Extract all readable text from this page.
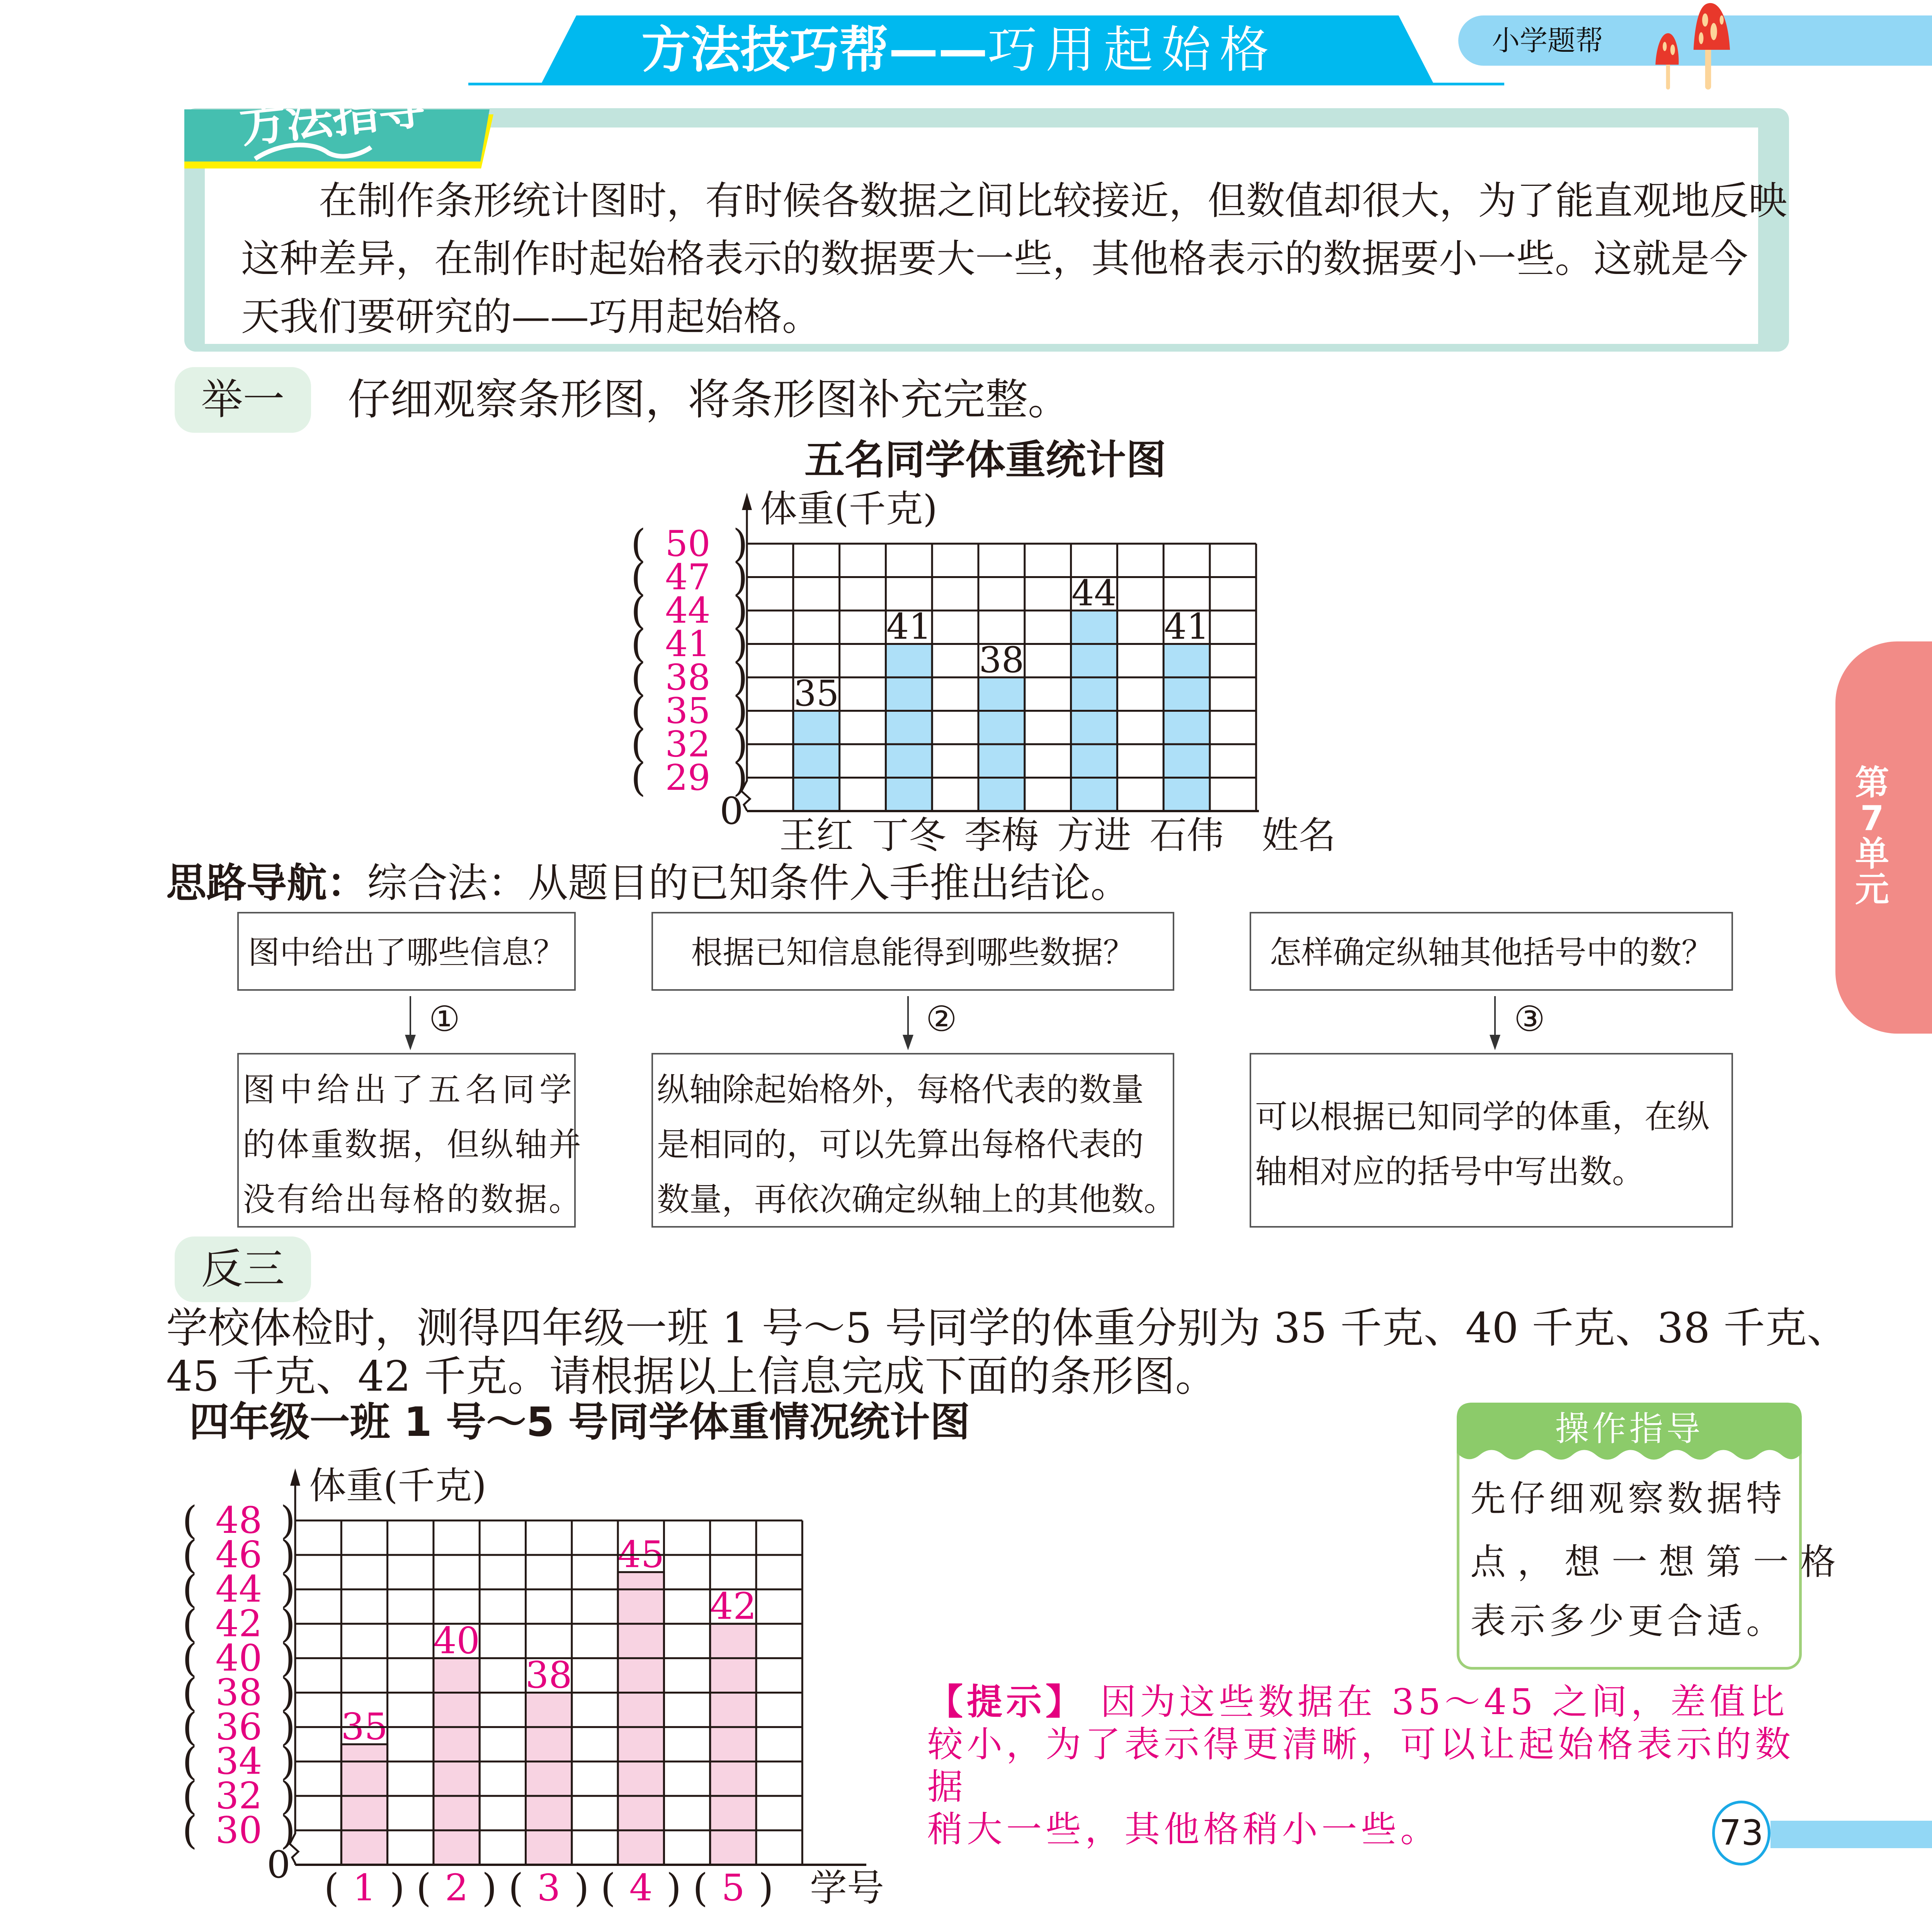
小学题帮
方法技巧帮——巧用起始格
方法指导
在制作条形统计图时，有时候各数据之间比较接近，但数值却很大，为了能直观地反映
这种差异，在制作时起始格表示的数据要大一些，其他格表示的数据要小一些。这就是今
天我们要研究的——巧用起始格。
举一	仔细观察条形图，将条形图补充完整。
思路导航：综合法：从题目的已知条件入手推出结论。
图中给出了哪些信息？	根据已知信息能得到哪些数据？	怎样确定纵轴其他括号中的数？
①	②	③
图中给出了五名同学
的体重数据，但纵轴并
没有给出每格的数据。
纵轴除起始格外，每格代表的数量
是相同的，可以先算出每格代表的
数量，再依次确定纵轴上的其他数。
可以根据已知同学的体重，在纵
轴相对应的括号中写出数。
反三
学校体检时，测得四年级一班 1 号～5 号同学的体重分别为 35 千克、40 千克、38 千克、
45 千克、42 千克。请根据以上信息完成下面的条形图。
操作指导
先仔细观察数据特
点，想一想第一格
表示多少更合适。
【提示】 因为这些数据在 35～45 之间，差值比较小，为了表示得更清晰，可以让起始格表示的数据
稍大一些，其他格稍小一些。
第7单元
73
五名同学体重统计图
35
41
38
44
41
体重(千克)
姓名
0
( 50 )
( 47 )
( 44 )
( 41 )
( 38 )
( 35 )
( 32 )
( 29 )
王红 丁冬 李梅 方进 石伟
四年级一班 1 号～5 号同学体重情况统计图
35
40
38
45
42
体重(千克)
学号
0
( 48 )
( 46 )
( 44 )
( 42 )
( 40 )
( 38 )
( 36 )
( 34 )
( 32 )
( 30 )
( )
1 ( )
2 ( )
3 ( )
4 ( )
5
